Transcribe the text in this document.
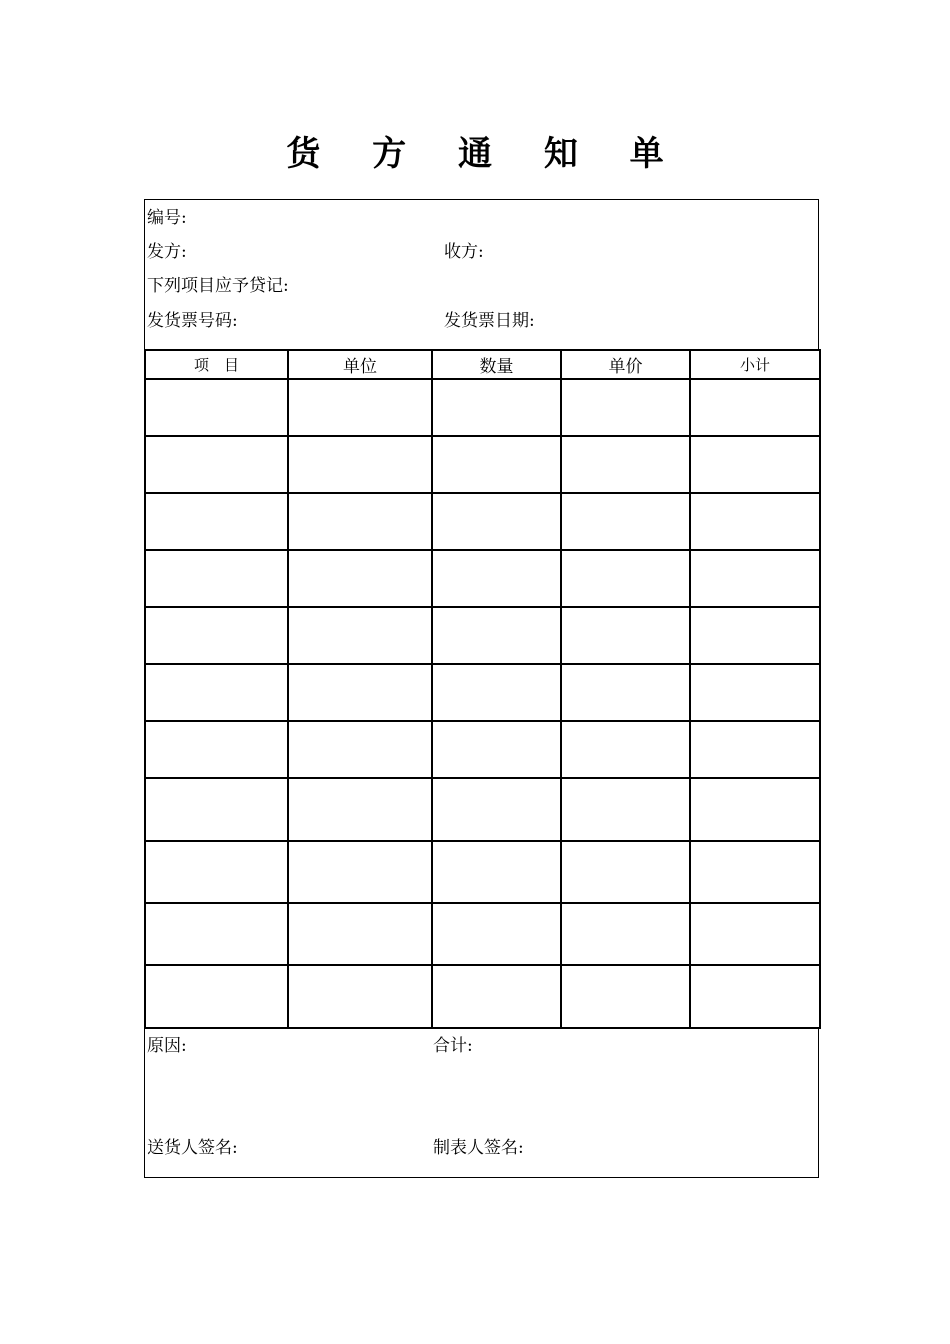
货 方 通 知 单
编号:
发方:	收方:
下列项目应予贷记:
发货票号码:	发货票日期:
项　目	单位	数量	单价	小计

原因:	合计:
送货人签名:	制表人签名:
